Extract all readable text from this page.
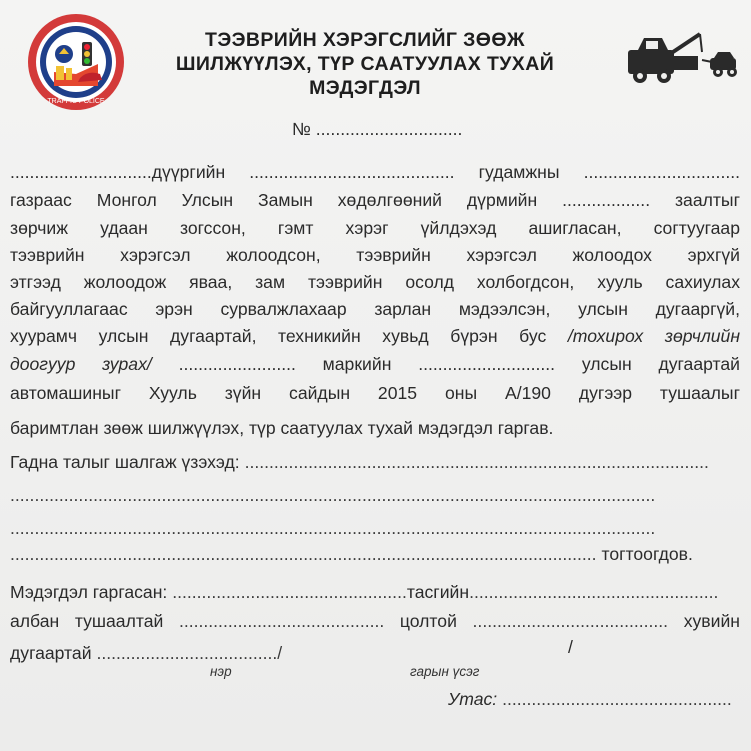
TRAFFIC POLICE
ТЭЭВРИЙН ХЭРЭГСЛИЙГ ЗӨӨЖ
ШИЛЖҮҮЛЭХ, ТҮР СААТУУЛАХ ТУХАЙ
МЭДЭГДЭЛ
№ ..............................
.............................дүүргийн .......................................... гудамжны ................................
газраас Монгол Улсын Замын хөдөлгөөний дүрмийн .................. заалтыг
зөрчиж удаан зогссон, гэмт хэрэг үйлдэхэд ашигласан, согтуугаар
тээврийн хэрэгсэл жолоодсон, тээврийн хэрэгсэл жолоодох эрхгүй
этгээд жолоодож яваа, зам тээврийн осолд холбогдсон, хууль сахиулах
байгууллагаас эрэн сурвалжлахаар зарлан мэдээлсэн, улсын дугааргүй,
хуурамч улсын дугаартай, техникийн хувьд бүрэн бус /тохирох зөрчлийн
доогуур зурах/ ........................ маркийн ............................ улсын дугаартай
автомашиныг Хууль зүйн сайдын 2015 оны А/190 дугээр тушаалыг
баримтлан зөөж шилжүүлэх, түр саатуулах тухай мэдэгдэл гаргав.
Гадна талыг шалгаж үзэхэд: ...............................................................................................
....................................................................................................................................
....................................................................................................................................
........................................................................................................................ тогтоогдов.
Мэдэгдэл гаргасан: ................................................тасгийн...................................................
албан тушаалтай .......................................... цолтой ........................................ хувийн
дугаартай ...................................../	/
нэр	гарын үсэг
Утас: ...............................................
